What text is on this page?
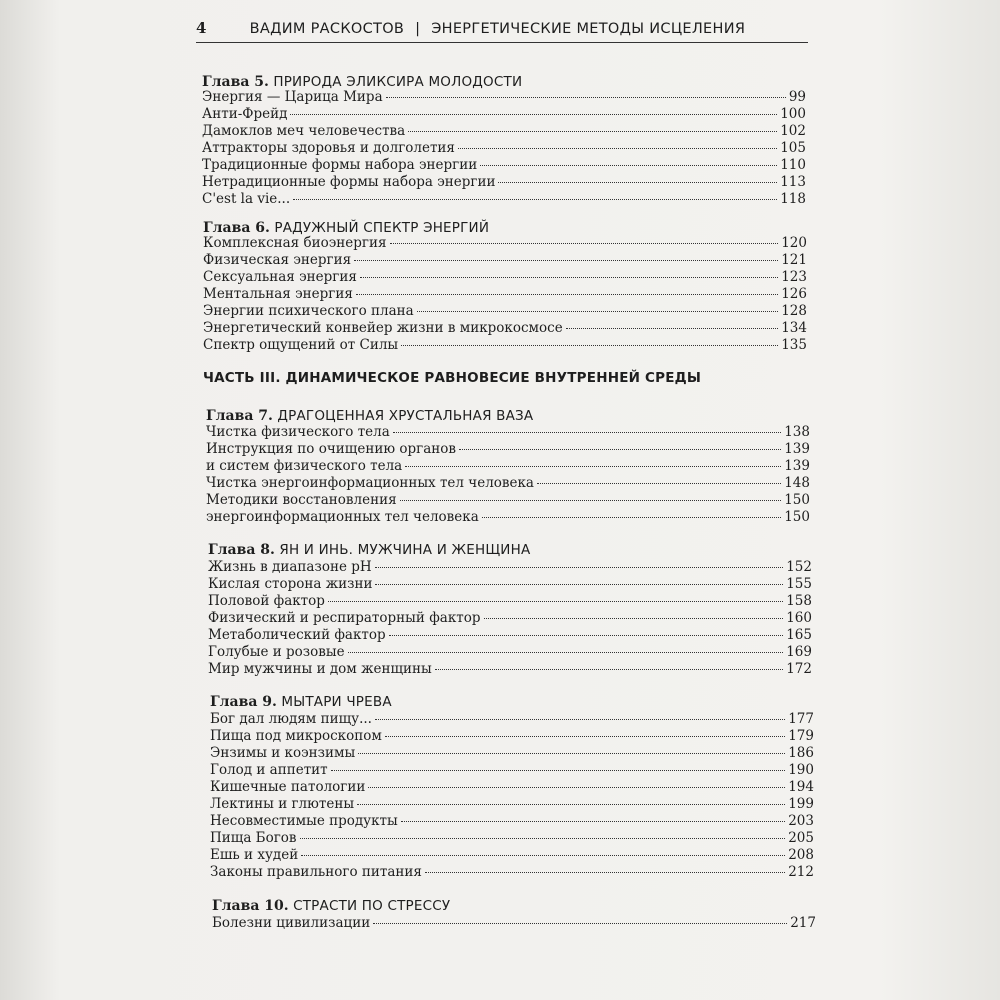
4	ВАДИМ РАСКОСТОВ | ЭНЕРГЕТИЧЕСКИЕ МЕТОДЫ ИСЦЕЛЕНИЯ
Глава 5. ПРИРОДА ЭЛИКСИРА МОЛОДОСТИ
Энергия — Царица Мира	99
Анти-Фрейд	100
Дамоклов меч человечества	102
Аттракторы здоровья и долголетия	105
Традиционные формы набора энергии	110
Нетрадиционные формы набора энергии	113
C'est la vie...	118
Глава 6. РАДУЖНЫЙ СПЕКТР ЭНЕРГИЙ
Комплексная биоэнергия	120
Физическая энергия	121
Сексуальная энергия	123
Ментальная энергия	126
Энергии психического плана	128
Энергетический конвейер жизни в микрокосмосе	134
Спектр ощущений от Силы	135
ЧАСТЬ III. ДИНАМИЧЕСКОЕ РАВНОВЕСИЕ ВНУТРЕННЕЙ СРЕДЫ
Глава 7. ДРАГОЦЕННАЯ ХРУСТАЛЬНАЯ ВАЗА
Чистка физического тела	138
Инструкция по очищению органов	139
и систем физического тела	139
Чистка энергоинформационных тел человека	148
Методики восстановления	150
энергоинформационных тел человека	150
Глава 8. ЯН И ИНЬ. МУЖЧИНА И ЖЕНЩИНА
Жизнь в диапазоне pH	152
Кислая сторона жизни	155
Половой фактор	158
Физический и респираторный фактор	160
Метаболический фактор	165
Голубые и розовые	169
Мир мужчины и дом женщины	172
Глава 9. МЫТАРИ ЧРЕВА
Бог дал людям пищу...	177
Пища под микроскопом	179
Энзимы и коэнзимы	186
Голод и аппетит	190
Кишечные патологии	194
Лектины и глютены	199
Несовместимые продукты	203
Пища Богов	205
Ешь и худей	208
Законы правильного питания	212
Глава 10. СТРАСТИ ПО СТРЕССУ
Болезни цивилизации	217
